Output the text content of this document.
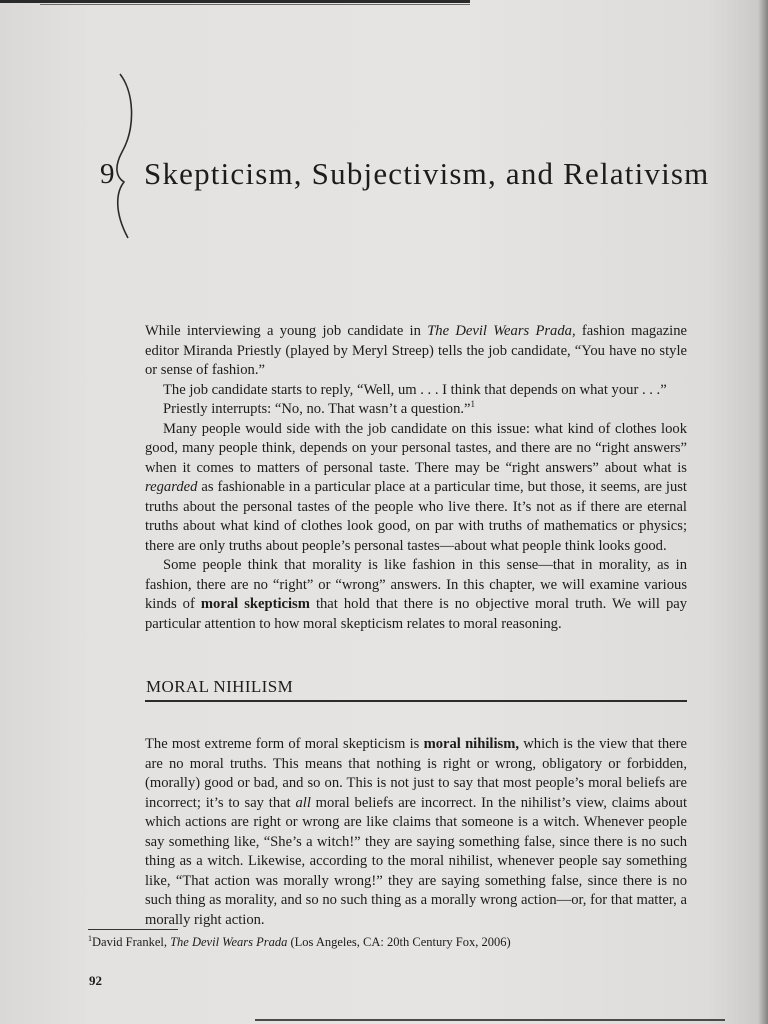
9 Skepticism, Subjectivism, and Relativism

While interviewing a young job candidate in The Devil Wears Prada, fashion magazine editor Miranda Priestly (played by Meryl Streep) tells the job candidate, “You have no style or sense of fashion.”

The job candidate starts to reply, “Well, um . . . I think that depends on what your . . .”

Priestly interrupts: “No, no. That wasn’t a question.”$^1$

Many people would side with the job candidate on this issue: what kind of clothes look good, many people think, depends on your personal tastes, and there are no “right answers” when it comes to matters of personal taste. There may be “right answers” about what is regarded as fashionable in a particular place at a particular time, but those, it seems, are just truths about the personal tastes of the people who live there. It’s not as if there are eternal truths about what kind of clothes look good, on par with truths of mathematics or physics; there are only truths about people’s personal tastes—about what people think looks good.

Some people think that morality is like fashion in this sense—that in morality, as in fashion, there are no “right” or “wrong” answers. In this chapter, we will examine various kinds of moral skepticism that hold that there is no objective moral truth. We will pay particular attention to how moral skepticism relates to moral reasoning.

MORAL NIHILISM

The most extreme form of moral skepticism is moral nihilism, which is the view that there are no moral truths. This means that nothing is right or wrong, obligatory or forbidden, (morally) good or bad, and so on. This is not just to say that most people’s moral beliefs are incorrect; it’s to say that all moral beliefs are incorrect. In the nihilist’s view, claims about which actions are right or wrong are like claims that someone is a witch. Whenever people say something like, “She’s a witch!” they are saying something false, since there is no such thing as a witch. Likewise, according to the moral nihilist, whenever people say something like, “That action was morally wrong!” they are saying something false, since there is no such thing as morality, and so no such thing as a morally wrong action—or, for that matter, a morally right action.

$^1$David Frankel, The Devil Wears Prada (Los Angeles, CA: 20th Century Fox, 2006)
92
